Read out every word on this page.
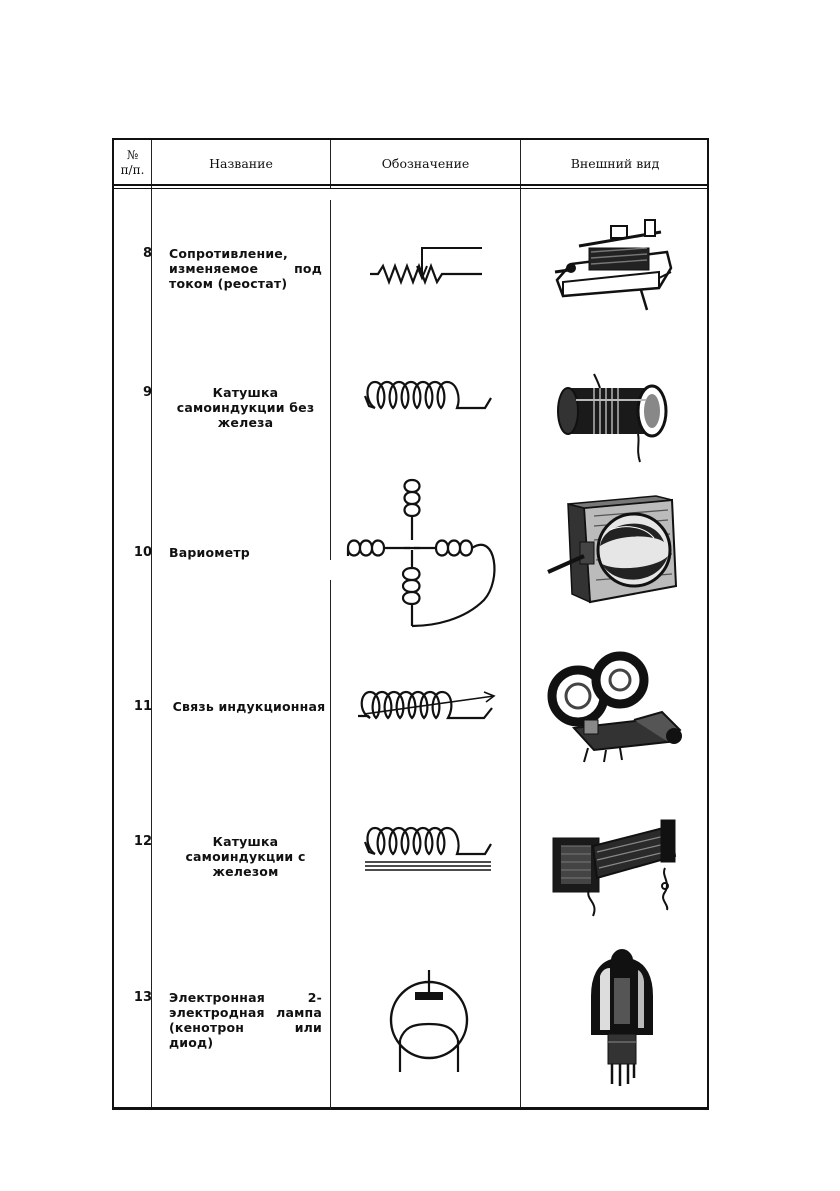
№
п/п.	Название	Обозначение	Внешний вид
8 Сопротивление, изменяемое под током (реостат)
9	Катушка самоиндукции без железа
10 Вариометр
11 Связь индукционная
12	Катушка самоиндукции с железом
13 Электронная 2-электродная лампа (кенотрон или диод)
